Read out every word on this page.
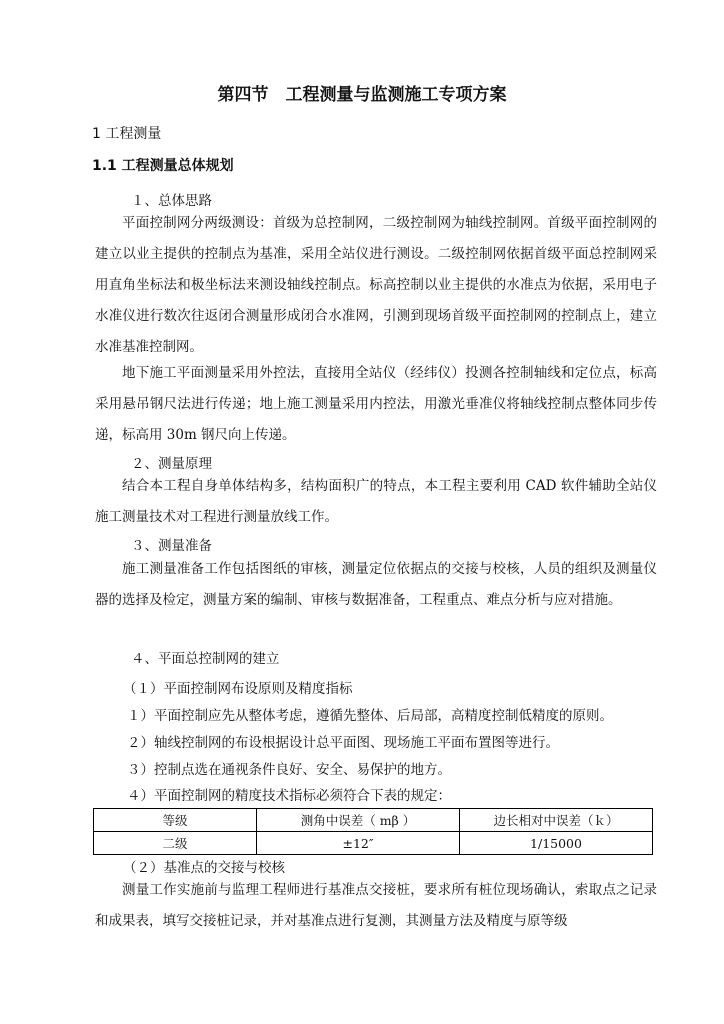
第四节　工程测量与监测施工专项方案
1 工程测量
1.1 工程测量总体规划
１、总体思路

平面控制网分两级测设：首级为总控制网，二级控制网为轴线控制网。首级平面控制网的建立以业主提供的控制点为基准，采用全站仪进行测设。二级控制网依据首级平面总控制网采用直角坐标法和极坐标法来测设轴线控制点。标高控制以业主提供的水准点为依据，采用电子水准仪进行数次往返闭合测量形成闭合水准网，引测到现场首级平面控制网的控制点上，建立水准基准控制网。

地下施工平面测量采用外控法，直接用全站仪（经纬仪）投测各控制轴线和定位点，标高采用悬吊钢尺法进行传递；地上施工测量采用内控法，用激光垂准仪将轴线控制点整体同步传递，标高用 30m 钢尺向上传递。

２、测量原理

结合本工程自身单体结构多，结构面积广的特点，本工程主要利用 CAD 软件辅助全站仪施工测量技术对工程进行测量放线工作。

３、测量准备

施工测量准备工作包括图纸的审核，测量定位依据点的交接与校核，人员的组织及测量仪器的选择及检定，测量方案的编制、审核与数据准备，工程重点、难点分析与应对措施。

４、平面总控制网的建立
（１）平面控制网布设原则及精度指标
１）平面控制应先从整体考虑，遵循先整体、后局部，高精度控制低精度的原则。
２）轴线控制网的布设根据设计总平面图、现场施工平面布置图等进行。
３）控制点选在通视条件良好、安全、易保护的地方。
４）平面控制网的精度技术指标必须符合下表的规定：
等级	测角中误差（ mβ ）	边长相对中误差（ｋ）
二级	±12″	1/15000
（２）基准点的交接与校核

测量工作实施前与监理工程师进行基准点交接桩，要求所有桩位现场确认，索取点之记录和成果表，填写交接桩记录，并对基准点进行复测，其测量方法及精度与原等级
